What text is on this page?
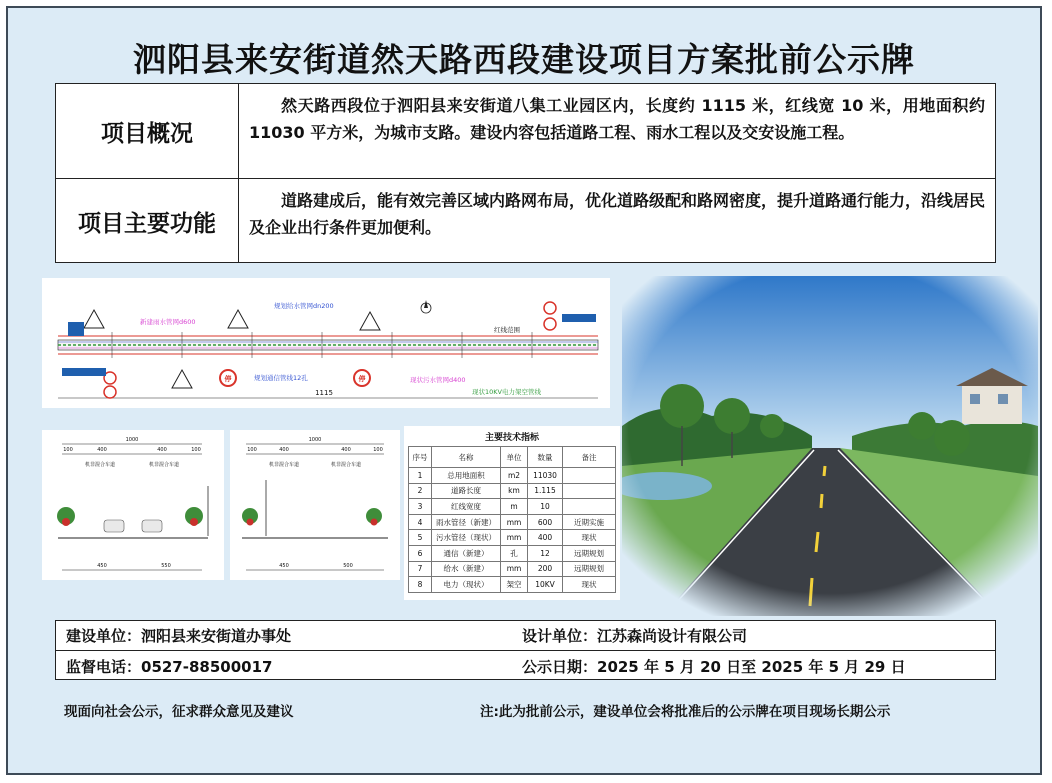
泗阳县来安街道然天路西段建设项目方案批前公示牌
项目概况
然天路西段位于泗阳县来安街道八集工业园区内，长度约 1115 米，红线宽 10 米，用地面积约 11030 平方米，为城市支路。建设内容包括道路工程、雨水工程以及交安设施工程。
项目主要功能
道路建成后，能有效完善区域内路网布局，优化道路级配和路网密度，提升道路通行能力，沿线居民及企业出行条件更加便利。
1115
新建雨水管网d600
规划给水管网dn200
红线范围
规划通信管线12孔	现状污水管网d400
现状10KV电力架空管线
停	停
1000
100	400	400	100
机非混合车道	机非混合车道
450	550
1000
100	400	400	100
机非混合车道	机非混合车道
450	500
主要技术指标
序号	名称	单位	数量	备注
1	总用地面积	m2	11030	
2	道路长度	km	1.115	
3	红线宽度	m	10	
4	雨水管径（新建）	mm	600	近期实施
5	污水管径（现状）	mm	400	现状
6	通信（新建）	孔	12	远期规划
7	给水（新建）	mm	200	远期规划
8	电力（现状）	架空	10KV	现状
建设单位：泗阳县来安街道办事处	设计单位：江苏森尚设计有限公司
监督电话：0527-88500017	公示日期：2025 年 5 月 20 日至 2025 年 5 月 29 日
现面向社会公示，征求群众意见及建议	注:此为批前公示，建设单位会将批准后的公示牌在项目现场长期公示
